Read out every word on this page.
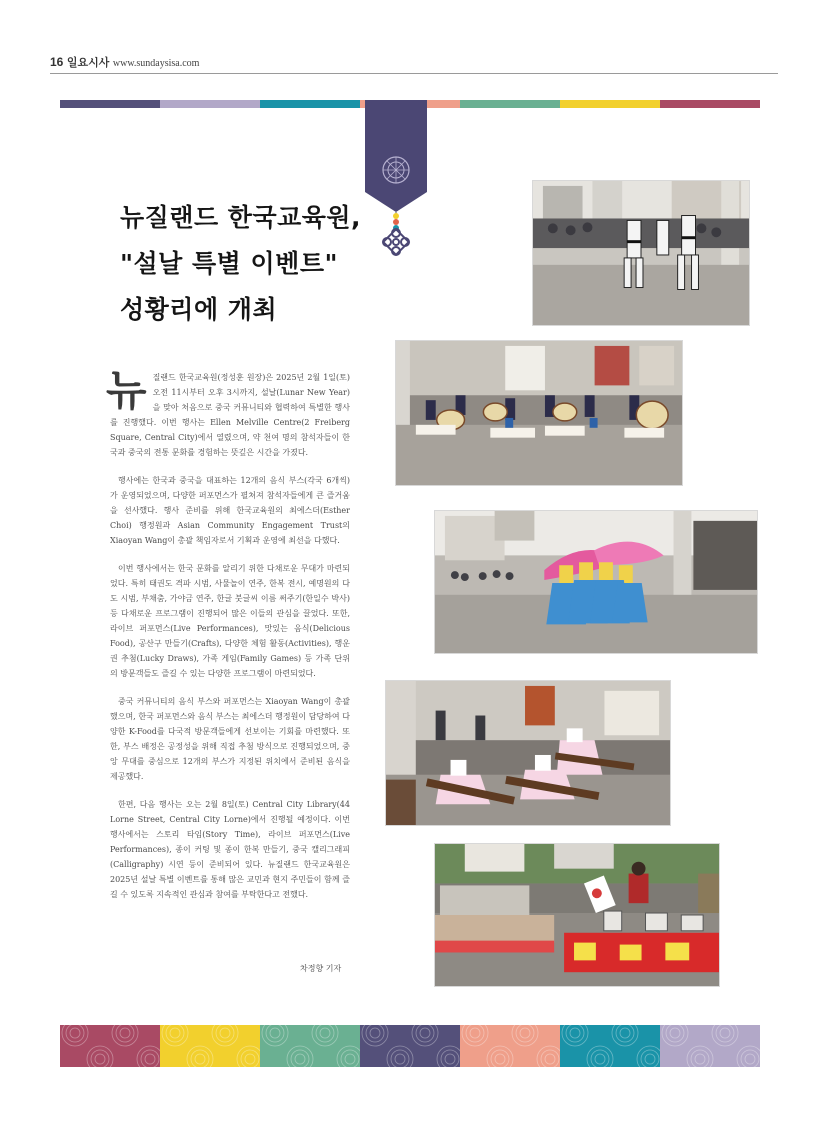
16 일요시사 www.sundaysisa.com
뉴질랜드 한국교육원,
"설날 특별 이벤트"
성황리에 개최

뉴 질랜드 한국교육원(정성훈 원장)은 2025년 2월 1일(토) 오전 11시부터 오후 3시까지, 설날(Lunar New Year)을 맞아 처음으로 중국 커뮤니티와 협력하여 특별한 행사를 진행했다. 이번 행사는 Ellen Melville Centre(2 Freiberg Square, Central City)에서 열렸으며, 약 천여 명의 참석자들이 한국과 중국의 전통 문화를 경험하는 뜻깊은 시간을 가졌다.

행사에는 한국과 중국을 대표하는 12개의 음식 부스(각국 6개씩)가 운영되었으며, 다양한 퍼포먼스가 펼쳐져 참석자들에게 큰 즐거움을 선사했다. 행사 준비를 위해 한국교육원의 최에스더(Esther Choi) 행정원과 Asian Community Engagement Trust의 Xiaoyan Wang이 총괄 책임자로서 기획과 운영에 최선을 다했다.

이번 행사에서는 한국 문화를 알리기 위한 다채로운 무대가 마련되었다. 특히 태권도 격파 시범, 사물놀이 연주, 한복 전시, 예명원의 다도 시범, 부채춤, 가야금 연주, 한글 붓글씨 이름 써주기(한일수 박사) 등 다채로운 프로그램이 진행되어 많은 이들의 관심을 끌었다. 또한, 라이브 퍼포먼스(Live Performances), 맛있는 음식(Delicious Food), 공산구 만들기(Crafts), 다양한 체험 활동(Activities), 행운권 추첨(Lucky Draws), 가족 게임(Family Games) 등 가족 단위의 방문객들도 즐길 수 있는 다양한 프로그램이 마련되었다.

중국 커뮤니티의 음식 부스와 퍼포먼스는 Xiaoyan Wang이 총괄했으며, 한국 퍼포먼스와 음식 부스는 최에스더 행정원이 담당하여 다양한 K-Food를 다국적 방문객들에게 선보이는 기회를 마련했다. 또한, 부스 배정은 공정성을 위해 직접 추첨 방식으로 진행되었으며, 중앙 무대를 중심으로 12개의 부스가 지정된 위치에서 준비된 음식을 제공했다.

한편, 다음 행사는 오는 2월 8일(토) Central City Library(44 Lorne Street, Central City Lorne)에서 진행될 예정이다. 이번 행사에서는 스토리 타임(Story Time), 라이브 퍼포먼스(Live Performances), 종이 커팅 및 종이 한복 만들기, 중국 캘리그래피(Calligraphy) 시연 등이 준비되어 있다. 뉴질랜드 한국교육원은 2025년 설날 특별 이벤트를 통해 많은 교민과 현지 주민들이 함께 즐길 수 있도록 지속적인 관심과 참여를 부탁한다고 전했다.

차정향 기자
